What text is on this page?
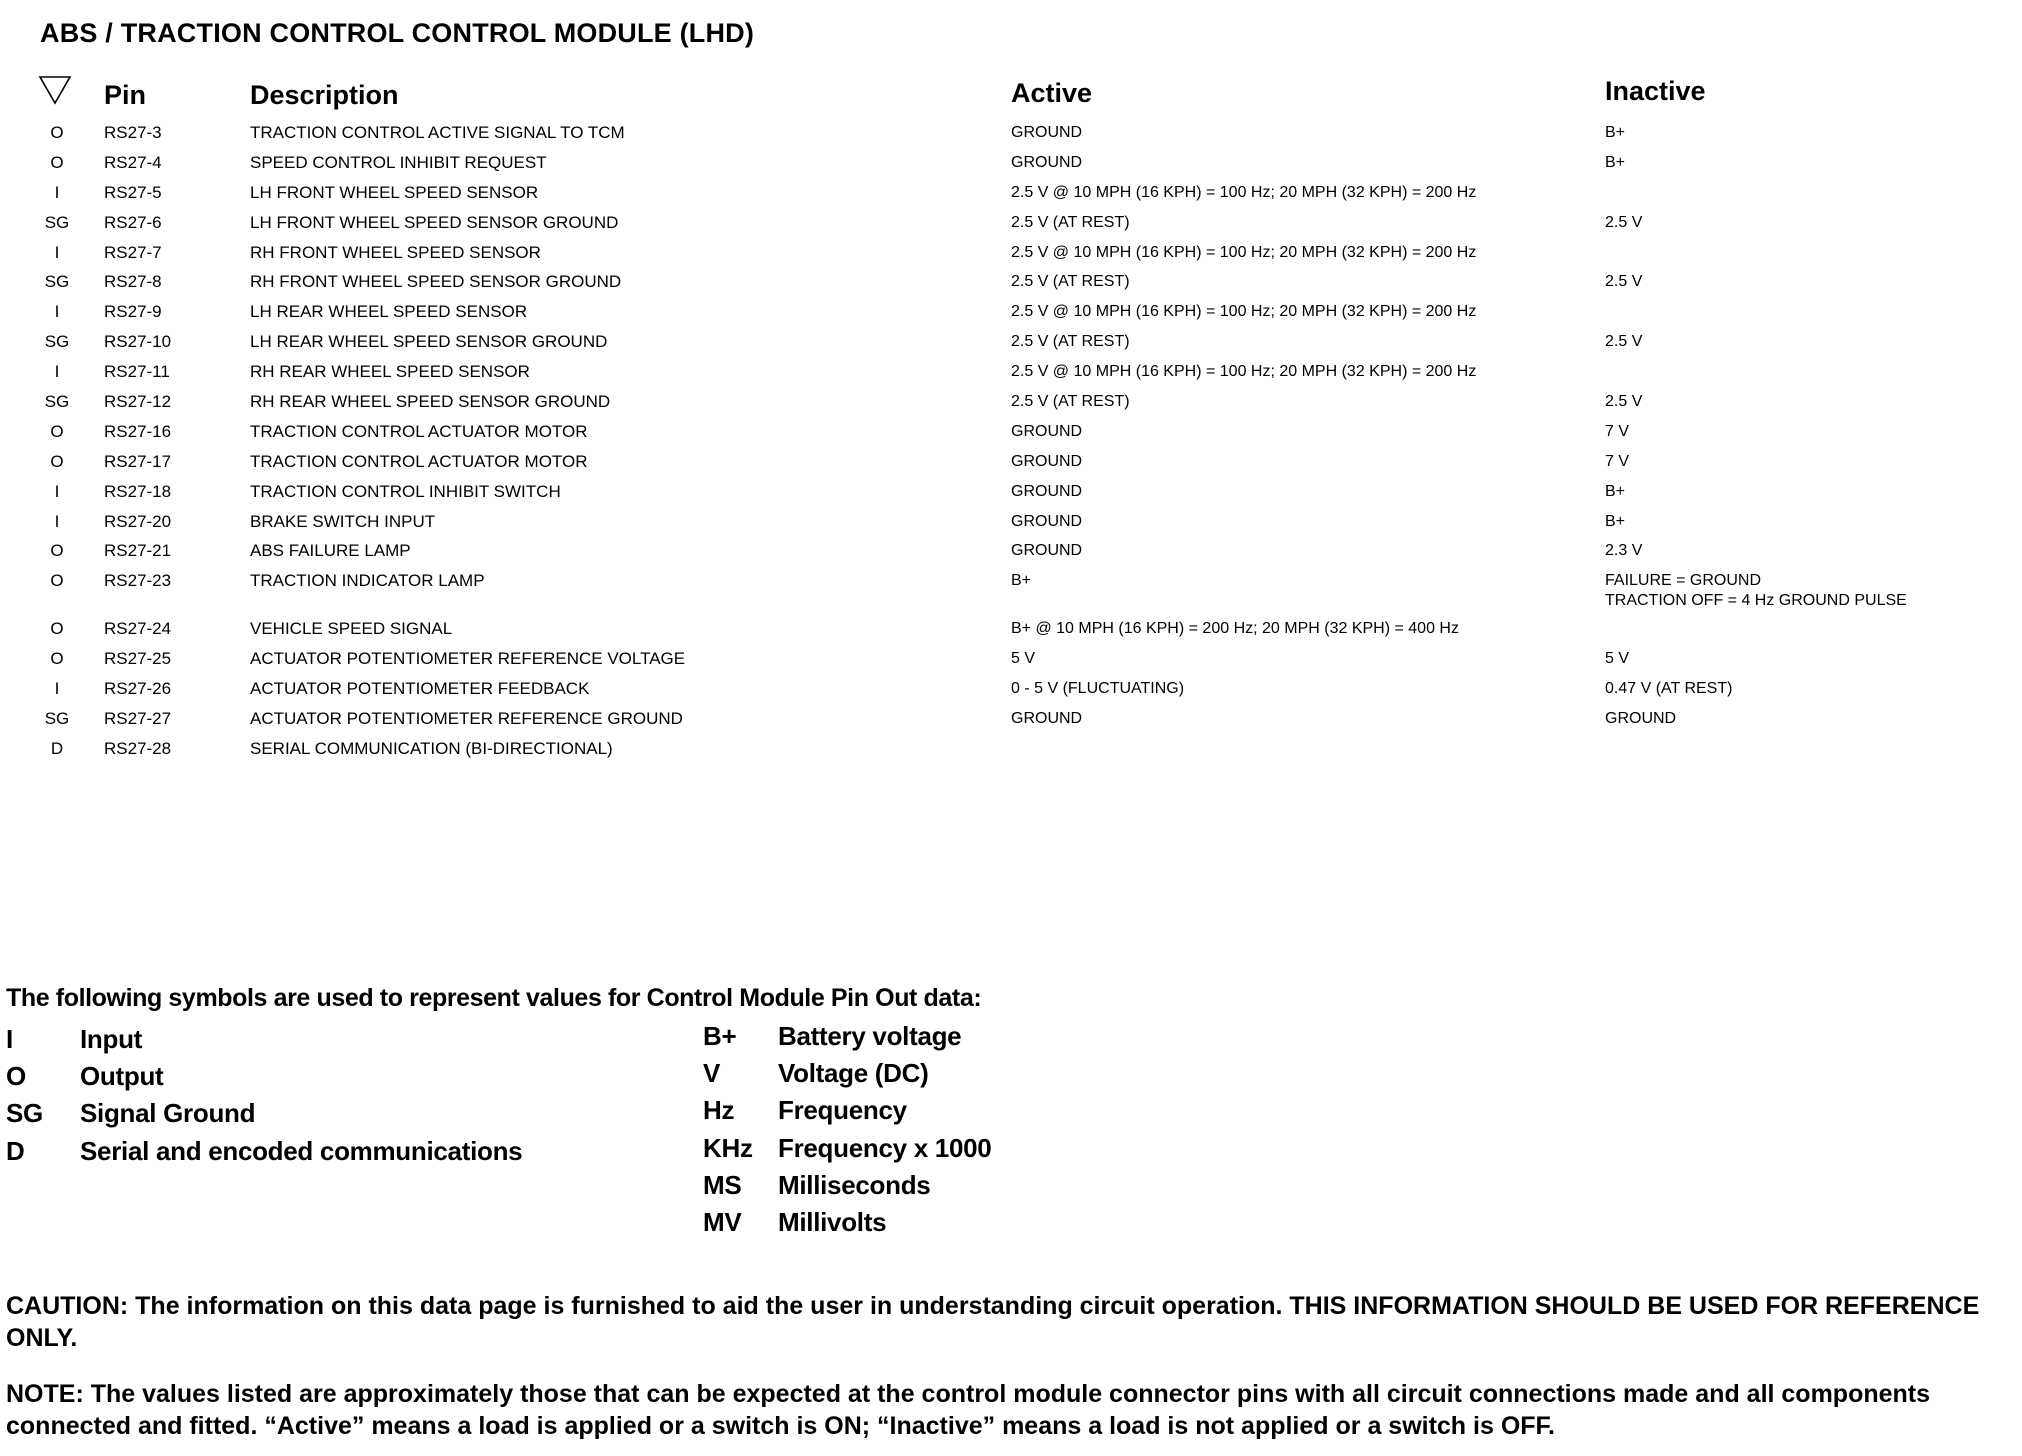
ABS / TRACTION CONTROL CONTROL MODULE (LHD)
Pin	Description	Active	Inactive
O	RS27-3	TRACTION CONTROL ACTIVE SIGNAL TO TCM	GROUND	B+
O	RS27-4	SPEED CONTROL INHIBIT REQUEST	GROUND	B+
I	RS27-5	LH FRONT WHEEL SPEED SENSOR	2.5 V @ 10 MPH (16 KPH) = 100 Hz; 20 MPH (32 KPH) = 200 Hz
SG	RS27-6	LH FRONT WHEEL SPEED SENSOR GROUND	2.5 V (AT REST)	2.5 V
I	RS27-7	RH FRONT WHEEL SPEED SENSOR	2.5 V @ 10 MPH (16 KPH) = 100 Hz; 20 MPH (32 KPH) = 200 Hz
SG	RS27-8	RH FRONT WHEEL SPEED SENSOR GROUND	2.5 V (AT REST)	2.5 V
I	RS27-9	LH REAR WHEEL SPEED SENSOR	2.5 V @ 10 MPH (16 KPH) = 100 Hz; 20 MPH (32 KPH) = 200 Hz
SG	RS27-10	LH REAR WHEEL SPEED SENSOR GROUND	2.5 V (AT REST)	2.5 V
I	RS27-11	RH REAR WHEEL SPEED SENSOR	2.5 V @ 10 MPH (16 KPH) = 100 Hz; 20 MPH (32 KPH) = 200 Hz
SG	RS27-12	RH REAR WHEEL SPEED SENSOR GROUND	2.5 V (AT REST)	2.5 V
O	RS27-16	TRACTION CONTROL ACTUATOR MOTOR	GROUND	7 V
O	RS27-17	TRACTION CONTROL ACTUATOR MOTOR	GROUND	7 V
I	RS27-18	TRACTION CONTROL INHIBIT SWITCH	GROUND	B+
I	RS27-20	BRAKE SWITCH INPUT	GROUND	B+
O	RS27-21	ABS FAILURE LAMP	GROUND	2.3 V
O	RS27-23	TRACTION INDICATOR LAMP	B+	FAILURE = GROUND
TRACTION OFF = 4 Hz GROUND PULSE
O	RS27-24	VEHICLE SPEED SIGNAL	B+ @ 10 MPH (16 KPH) = 200 Hz; 20 MPH (32 KPH) = 400 Hz
O	RS27-25	ACTUATOR POTENTIOMETER REFERENCE VOLTAGE	5 V	5 V
I	RS27-26	ACTUATOR POTENTIOMETER FEEDBACK	0 - 5 V (FLUCTUATING)	0.47 V (AT REST)
SG	RS27-27	ACTUATOR POTENTIOMETER REFERENCE GROUND	GROUND	GROUND
D	RS27-28	SERIAL COMMUNICATION (BI-DIRECTIONAL)
The following symbols are used to represent values for Control Module Pin Out data:
I	Input
O Output
SG Signal Ground
D Serial and encoded communications
B+ Battery voltage
V Voltage (DC)
Hz Frequency
KHz Frequency x 1000
MS Milliseconds
MV Millivolts
CAUTION: The information on this data page is furnished to aid the user in understanding circuit operation. THIS INFORMATION SHOULD BE USED FOR REFERENCE ONLY.
NOTE: The values listed are approximately those that can be expected at the control module connector pins with all circuit connections made and all components connected and fitted. “Active” means a load is applied or a switch is ON; “Inactive” means a load is not applied or a switch is OFF.
